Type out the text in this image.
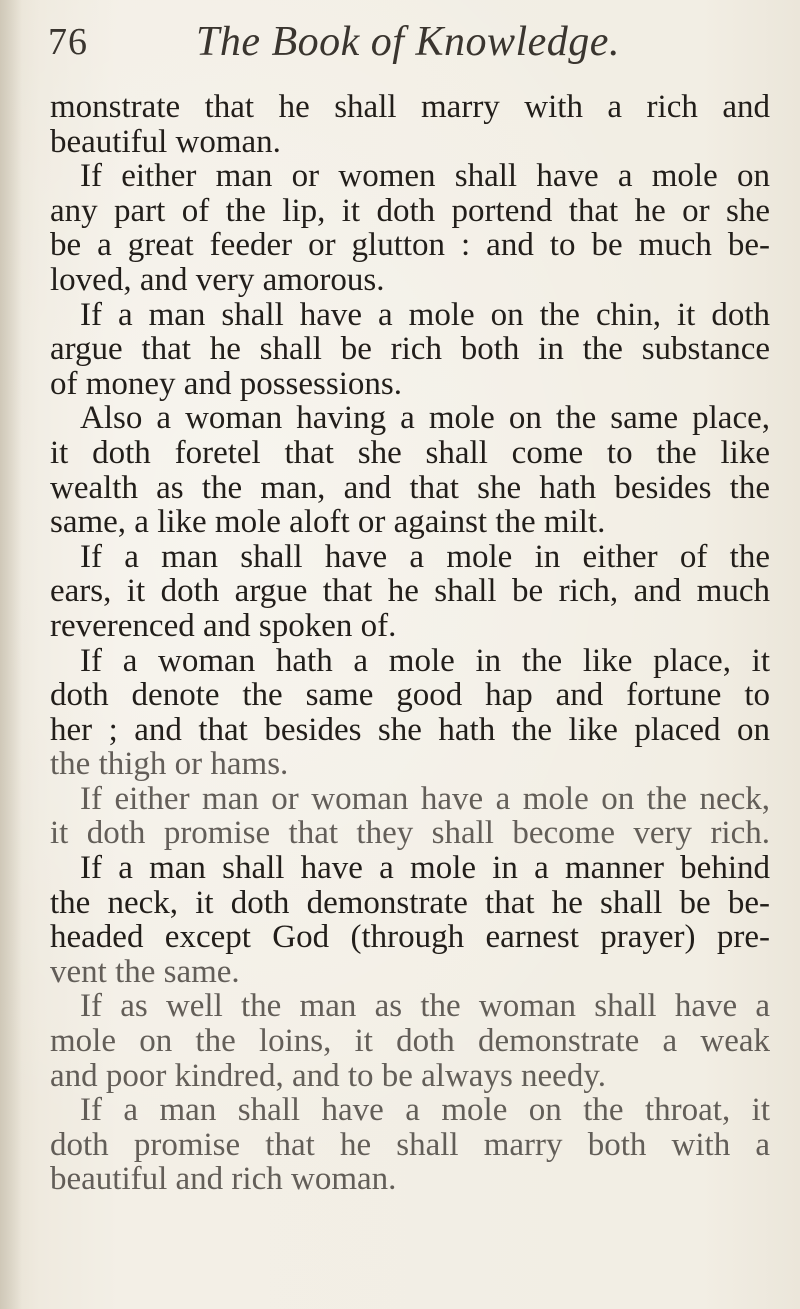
76	The Book of Knowledge.
monstrate that he shall marry with a rich and
beautiful woman.
If either man or women shall have a mole on
any part of the lip, it doth portend that he or she
be a great feeder or glutton : and to be much be-
loved, and very amorous.
If a man shall have a mole on the chin, it doth
argue that he shall be rich both in the substance
of money and possessions.
Also a woman having a mole on the same place,
it doth foretel that she shall come to the like
wealth as the man, and that she hath besides the
same, a like mole aloft or against the milt.
If a man shall have a mole in either of the
ears, it doth argue that he shall be rich, and much
reverenced and spoken of.
If a woman hath a mole in the like place, it
doth denote the same good hap and fortune to
her ; and that besides she hath the like placed on
the thigh or hams.
If either man or woman have a mole on the neck,
it doth promise that they shall become very rich.
If a man shall have a mole in a manner behind
the neck, it doth demonstrate that he shall be be-
headed except God (through earnest prayer) pre-
vent the same.
If as well the man as the woman shall have a
mole on the loins, it doth demonstrate a weak
and poor kindred, and to be always needy.
If a man shall have a mole on the throat, it
doth promise that he shall marry both with a
beautiful and rich woman.
